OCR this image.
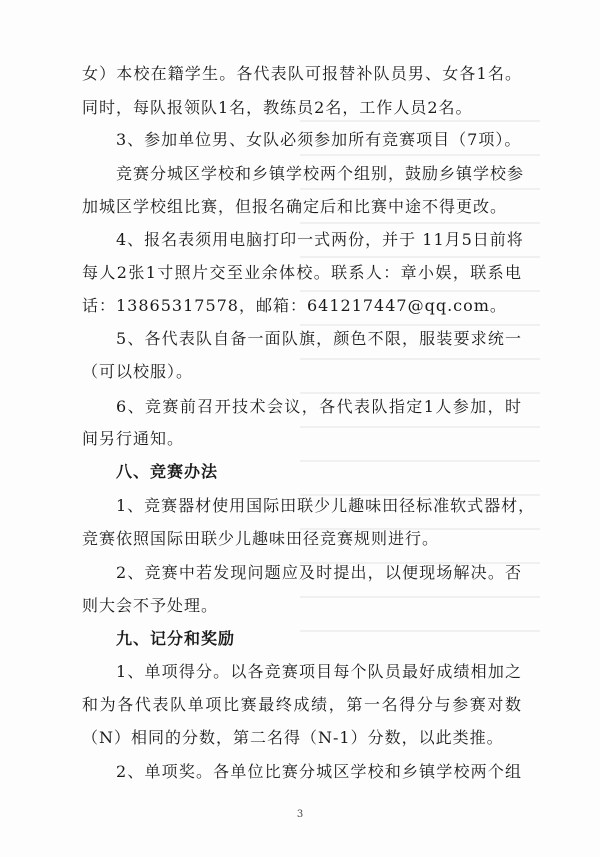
女）本校在籍学生。各代表队可报替补队员男、女各1名。
同时，每队报领队1名，教练员2名，工作人员2名。
3、参加单位男、女队必须参加所有竞赛项目（7项）。
竞赛分城区学校和乡镇学校两个组别，鼓励乡镇学校参
加城区学校组比赛，但报名确定后和比赛中途不得更改。
4、报名表须用电脑打印一式两份，并于 11月5日前将
每人2张1寸照片交至业余体校。联系人：章小娱，联系电
话：13865317578，邮箱：641217447@qq.com。
5、各代表队自备一面队旗，颜色不限，服装要求统一
（可以校服）。
6、竞赛前召开技术会议，各代表队指定1人参加，时
间另行通知。
八、竞赛办法
1、竞赛器材使用国际田联少儿趣味田径标准软式器材，
竞赛依照国际田联少儿趣味田径竞赛规则进行。
2、竞赛中若发现问题应及时提出，以便现场解决。否
则大会不予处理。
九、记分和奖励
1、单项得分。以各竞赛项目每个队员最好成绩相加之
和为各代表队单项比赛最终成绩，第一名得分与参赛对数
（N）相同的分数，第二名得（N-1）分数，以此类推。
2、单项奖。各单位比赛分城区学校和乡镇学校两个组
3
